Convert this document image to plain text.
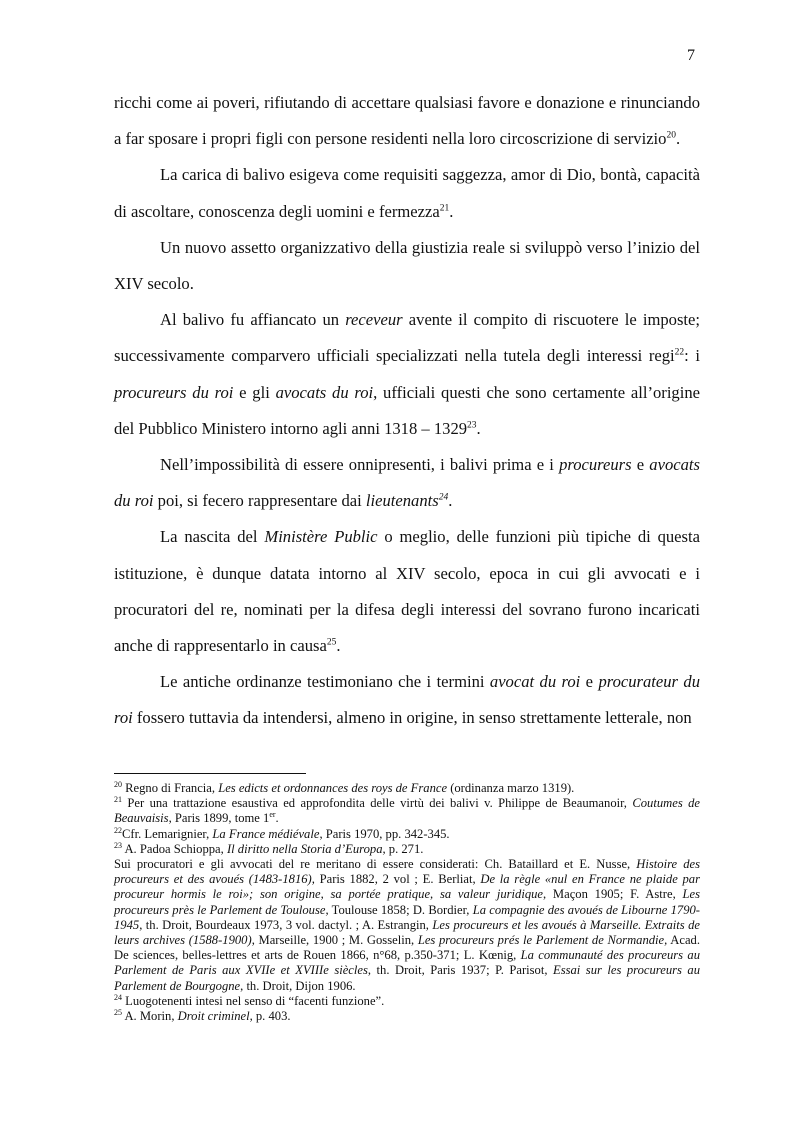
7

ricchi come ai poveri, rifiutando di accettare qualsiasi favore e donazione e rinunciando a far sposare i propri figli con persone residenti nella loro circoscrizione di servizio$^{20}$.

La carica di balivo esigeva come requisiti saggezza, amor di Dio, bontà, capacità di ascoltare, conoscenza degli uomini e fermezza$^{21}$.

Un nuovo assetto organizzativo della giustizia reale si sviluppò verso l’inizio del XIV secolo.

Al balivo fu affiancato un receveur avente il compito di riscuotere le imposte; successivamente comparvero ufficiali specializzati nella tutela degli interessi regi$^{22}$: i procureurs du roi e gli avocats du roi, ufficiali questi che sono certamente all’origine del Pubblico Ministero intorno agli anni 1318 – 1329$^{23}$.

Nell’impossibilità di essere onnipresenti, i balivi prima e i procureurs e avocats du roi poi, si fecero rappresentare dai lieutenants$^{24}$.

La nascita del Ministère Public o meglio, delle funzioni più tipiche di questa istituzione, è dunque datata intorno al XIV secolo, epoca in cui gli avvocati e i procuratori del re, nominati per la difesa degli interessi del sovrano furono incaricati anche di rappresentarlo in causa$^{25}$.

Le antiche ordinanze testimoniano che i termini avocat du roi e procurateur du roi fossero tuttavia da intendersi, almeno in origine, in senso strettamente letterale, non

$^{20}$ Regno di Francia, Les edicts et ordonnances des roys de France (ordinanza marzo 1319).

$^{21}$ Per una trattazione esaustiva ed approfondita delle virtù dei balivi v. Philippe de Beaumanoir, Coutumes de Beauvaisis, Paris 1899, tome 1er.

$^{22}$Cfr. Lemarignier, La France médiévale, Paris 1970, pp. 342-345.

$^{23}$ A. Padoa Schioppa, Il diritto nella Storia d’Europa, p. 271.

Sui procuratori e gli avvocati del re meritano di essere considerati: Ch. Bataillard et E. Nusse, Histoire des procureurs et des avoués (1483-1816), Paris 1882, 2 vol ; E. Berliat, De la règle «nul en France ne plaide par procureur hormis le roi»; son origine, sa portée pratique, sa valeur juridique, Maçon 1905; F. Astre, Les procureurs près le Parlement de Toulouse, Toulouse 1858; D. Bordier, La compagnie des avoués de Libourne 1790-1945, th. Droit, Bourdeaux 1973, 3 vol. dactyl. ; A. Estrangin, Les procureurs et les avoués à Marseille. Extraits de leurs archives (1588-1900), Marseille, 1900 ; M. Gosselin, Les procureurs prés le Parlement de Normandie, Acad. De sciences, belles-lettres et arts de Rouen 1866, n°68, p.350-371; L. Kœnig, La communauté des procureurs au Parlement de Paris aux XVIIe et XVIIIe siècles, th. Droit, Paris 1937; P. Parisot, Essai sur les procureurs au Parlement de Bourgogne, th. Droit, Dijon 1906.

$^{24}$ Luogotenenti intesi nel senso di “facenti funzione”.

$^{25}$ A. Morin, Droit criminel, p. 403.
